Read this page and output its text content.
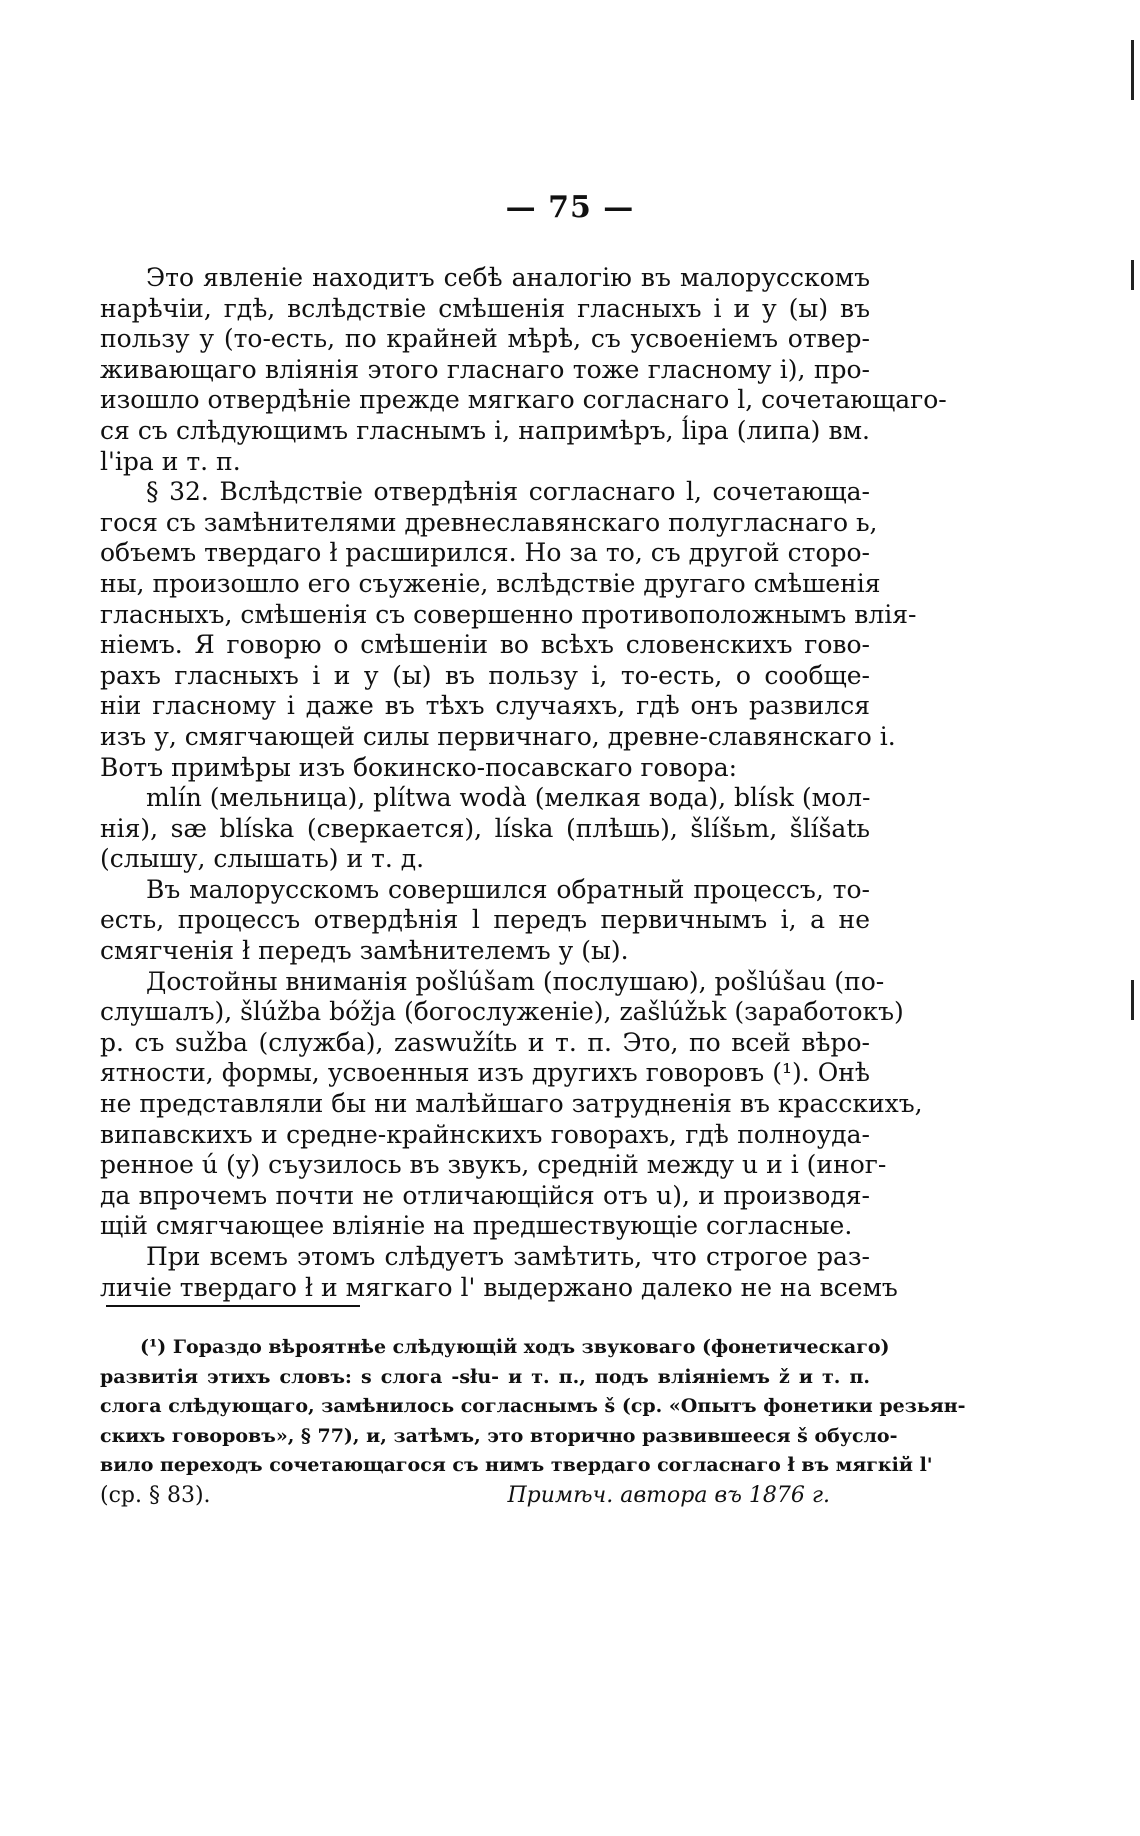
— 75 —
Это явленіе находитъ себѣ аналогію въ малорусскомъ
нарѣчіи, гдѣ, вслѣдствіе смѣшенія гласныхъ і и у (ы) въ
пользу у (то-есть, по крайней мѣрѣ, съ усвоеніемъ отвер-
живающаго вліянія этого гласнаго тоже гласному і), про-
изошло отвердѣніе прежде мягкаго согласнаго l, сочетающаго-
ся съ слѣдующимъ гласнымъ і, напримѣръ, ĺіра (липа) вм.
l'іра и т. п.
§ 32. Вслѣдствіе отвердѣнія согласнаго l, сочетающа-
гося съ замѣнителями древнеславянскаго полугласнаго ь,
объемъ твердаго ł расширился. Но за то, съ другой сторо-
ны, произошло его съуженіе, вслѣдствіе другаго смѣшенія
гласныхъ, смѣшенія съ совершенно противоположнымъ влія-
ніемъ. Я говорю о смѣшеніи во всѣхъ словенскихъ гово-
рахъ гласныхъ і и у (ы) въ пользу і, то-есть, о сообще-
ніи гласному і даже въ тѣхъ случаяхъ, гдѣ онъ развился
изъ у, смягчающей силы первичнаго, древне-славянскаго і.
Вотъ примѣры изъ бокинско-посавскаго говора:
mlín (мельница), plítwa wodà (мелкая вода), blísk (мол-
нія), sæ blíska (сверкается), líska (плѣшь), šlíšьm, šlíšatь
(слышу, слышать) и т. д.
Въ малорусскомъ совершился обратный процессъ, то-
есть, процессъ отвердѣнія l передъ первичнымъ і, а не
смягченія ł передъ замѣнителемъ у (ы).
Достойны вниманія pošlúšam (послушаю), pošlúšau (по-
слушалъ), šlúžba bóžja (богослуженіе), zašlúžьk (заработокъ)
р. съ sužba (служба), zaswužítь и т. п. Это, по всей вѣро-
ятности, формы, усвоенныя изъ другихъ говоровъ (¹). Онѣ
не представляли бы ни малѣйшаго затрудненія въ красскихъ,
випавскихъ и средне-крайнскихъ говорахъ, гдѣ полноуда-
ренное ú (у) съузилось въ звукъ, средній между u и і (иног-
да впрочемъ почти не отличающійся отъ u), и производя-
щій смягчающее вліяніе на предшествующіе согласные.
При всемъ этомъ слѣдуетъ замѣтить, что строгое раз-
личіе твердаго ł и мягкаго l' выдержано далеко не на всемъ
(¹) Гораздо вѣроятнѣе слѣдующій ходъ звуковаго (фонетическаго)
развитія этихъ словъ: s слога -słu- и т. п., подъ вліяніемъ ž и т. п.
слога слѣдующаго, замѣнилось согласнымъ š (ср. «Опытъ фонетики резьян-
скихъ говоровъ», § 77), и, затѣмъ, это вторично развившееся š обусло-
вило переходъ сочетающагося съ нимъ твердаго согласнаго ł въ мягкій l'
(ср. § 83).	Примѣч. автора въ 1876 г.
